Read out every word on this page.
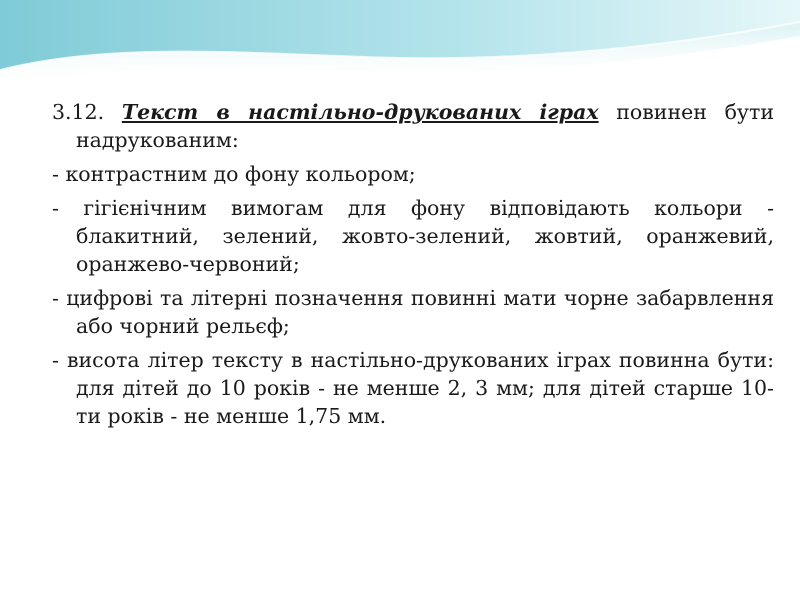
3.12. Текст в настільно-друкованих іграх повинен бути надрукованим:

- контрастним до фону кольором;

- гігієнічним вимогам для фону відповідають кольори - блакитний, зелений, жовто-зелений, жовтий, оранжевий, оранжево-червоний;

- цифрові та літерні позначення повинні мати чорне забарвлення або чорний рельєф;

- висота літер тексту в настільно-друкованих іграх повинна бути: для дітей до 10 років - не менше 2, 3 мм; для дітей старше 10-ти років - не менше 1,75 мм.
